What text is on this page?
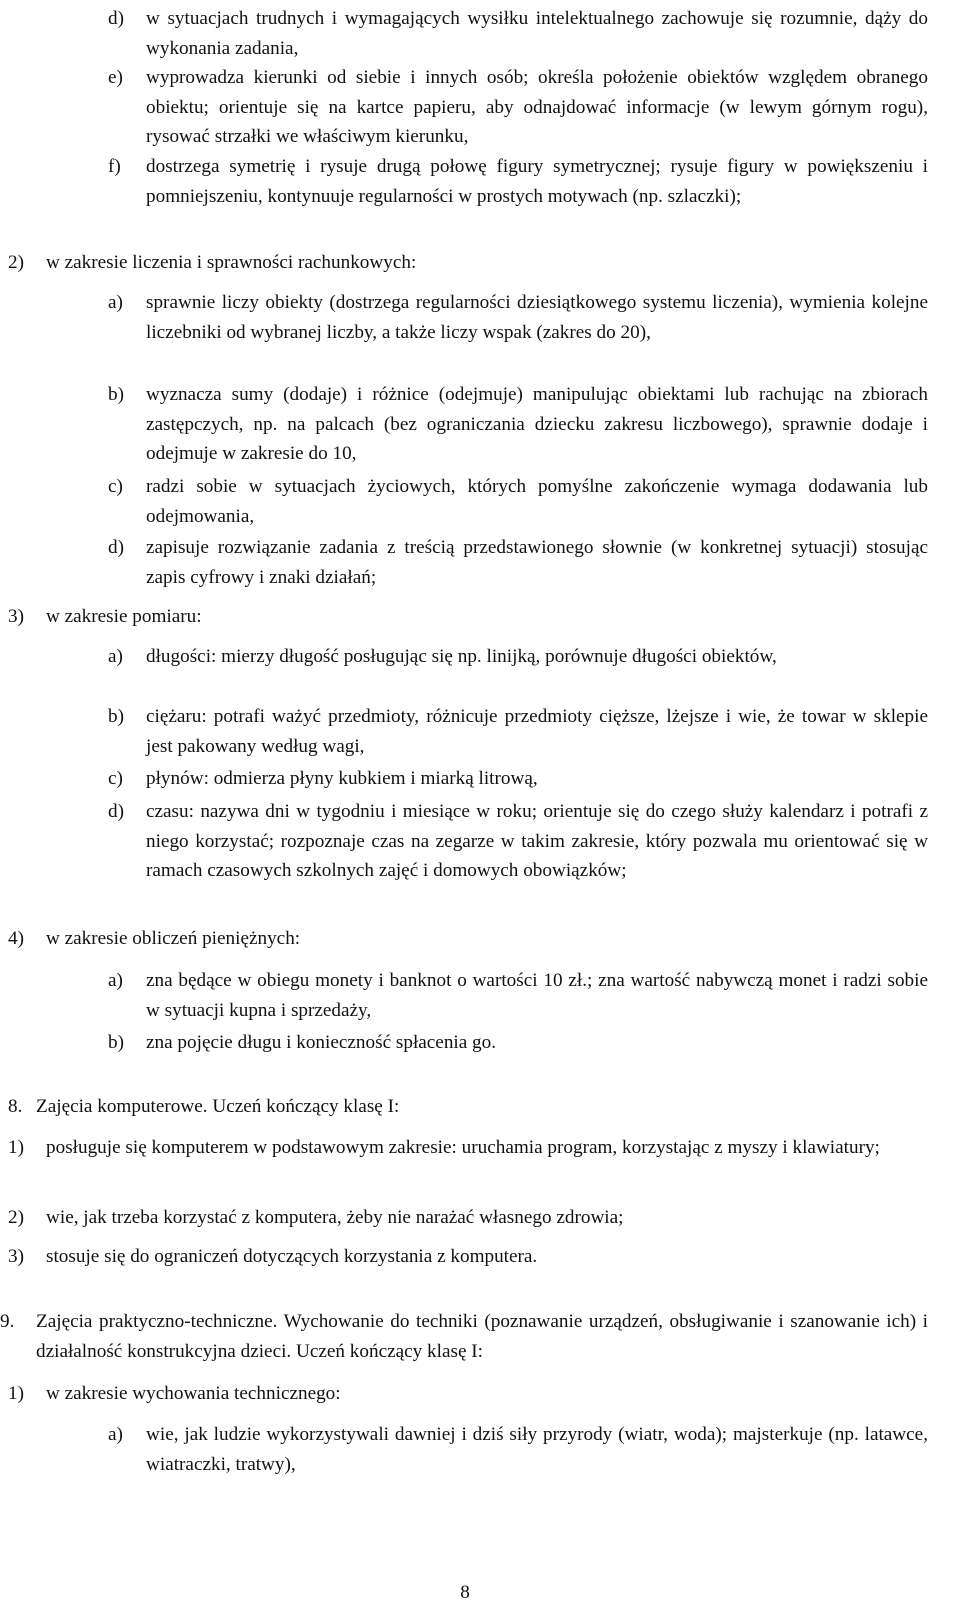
d) w sytuacjach trudnych i wymagających wysiłku intelektualnego zachowuje się rozumnie, dąży do wykonania zadania,
e) wyprowadza kierunki od siebie i innych osób; określa położenie obiektów względem obranego obiektu; orientuje się na kartce papieru, aby odnajdować informacje (w lewym górnym rogu), rysować strzałki we właściwym kierunku,
f) dostrzega symetrię i rysuje drugą połowę figury symetrycznej; rysuje figury w powiększeniu i pomniejszeniu, kontynuuje regularności w prostych motywach (np. szlaczki);
2) w zakresie liczenia i sprawności rachunkowych:
a) sprawnie liczy obiekty (dostrzega regularności dziesiątkowego systemu liczenia), wymienia kolejne liczebniki od wybranej liczby, a także liczy wspak (zakres do 20),
b) wyznacza sumy (dodaje) i różnice (odejmuje) manipulując obiektami lub rachując na zbiorach zastępczych, np. na palcach (bez ograniczania dziecku zakresu liczbowego), sprawnie dodaje i odejmuje w zakresie do 10,
c) radzi sobie w sytuacjach życiowych, których pomyślne zakończenie wymaga dodawania lub odejmowania,
d) zapisuje rozwiązanie zadania z treścią przedstawionego słownie (w konkretnej sytuacji) stosując zapis cyfrowy i znaki działań;
3) w zakresie pomiaru:
a) długości: mierzy długość posługując się np. linijką, porównuje długości obiektów,
b) ciężaru: potrafi ważyć przedmioty, różnicuje przedmioty cięższe, lżejsze i wie, że towar w sklepie jest pakowany według wagi,
c) płynów: odmierza płyny kubkiem i miarką litrową,
d) czasu: nazywa dni w tygodniu i miesiące w roku; orientuje się do czego służy kalendarz i potrafi z niego korzystać; rozpoznaje czas na zegarze w takim zakresie, który pozwala mu orientować się w ramach czasowych szkolnych zajęć i domowych obowiązków;
4) w zakresie obliczeń pieniężnych:
a) zna będące w obiegu monety i banknot o wartości 10 zł.; zna wartość nabywczą monet i radzi sobie w sytuacji kupna i sprzedaży,
b) zna pojęcie długu i konieczność spłacenia go.
8. Zajęcia komputerowe. Uczeń kończący klasę I:
1) posługuje się komputerem w podstawowym zakresie: uruchamia program, korzystając z myszy i klawiatury;
2) wie, jak trzeba korzystać z komputera, żeby nie narażać własnego zdrowia;
3) stosuje się do ograniczeń dotyczących korzystania z komputera.
9. Zajęcia praktyczno-techniczne. Wychowanie do techniki (poznawanie urządzeń, obsługiwanie i szanowanie ich) i działalność konstrukcyjna dzieci. Uczeń kończący klasę I:
1) w zakresie wychowania technicznego:
a) wie, jak ludzie wykorzystywali dawniej i dziś siły przyrody (wiatr, woda); majsterkuje (np. latawce, wiatraczki, tratwy),
8
